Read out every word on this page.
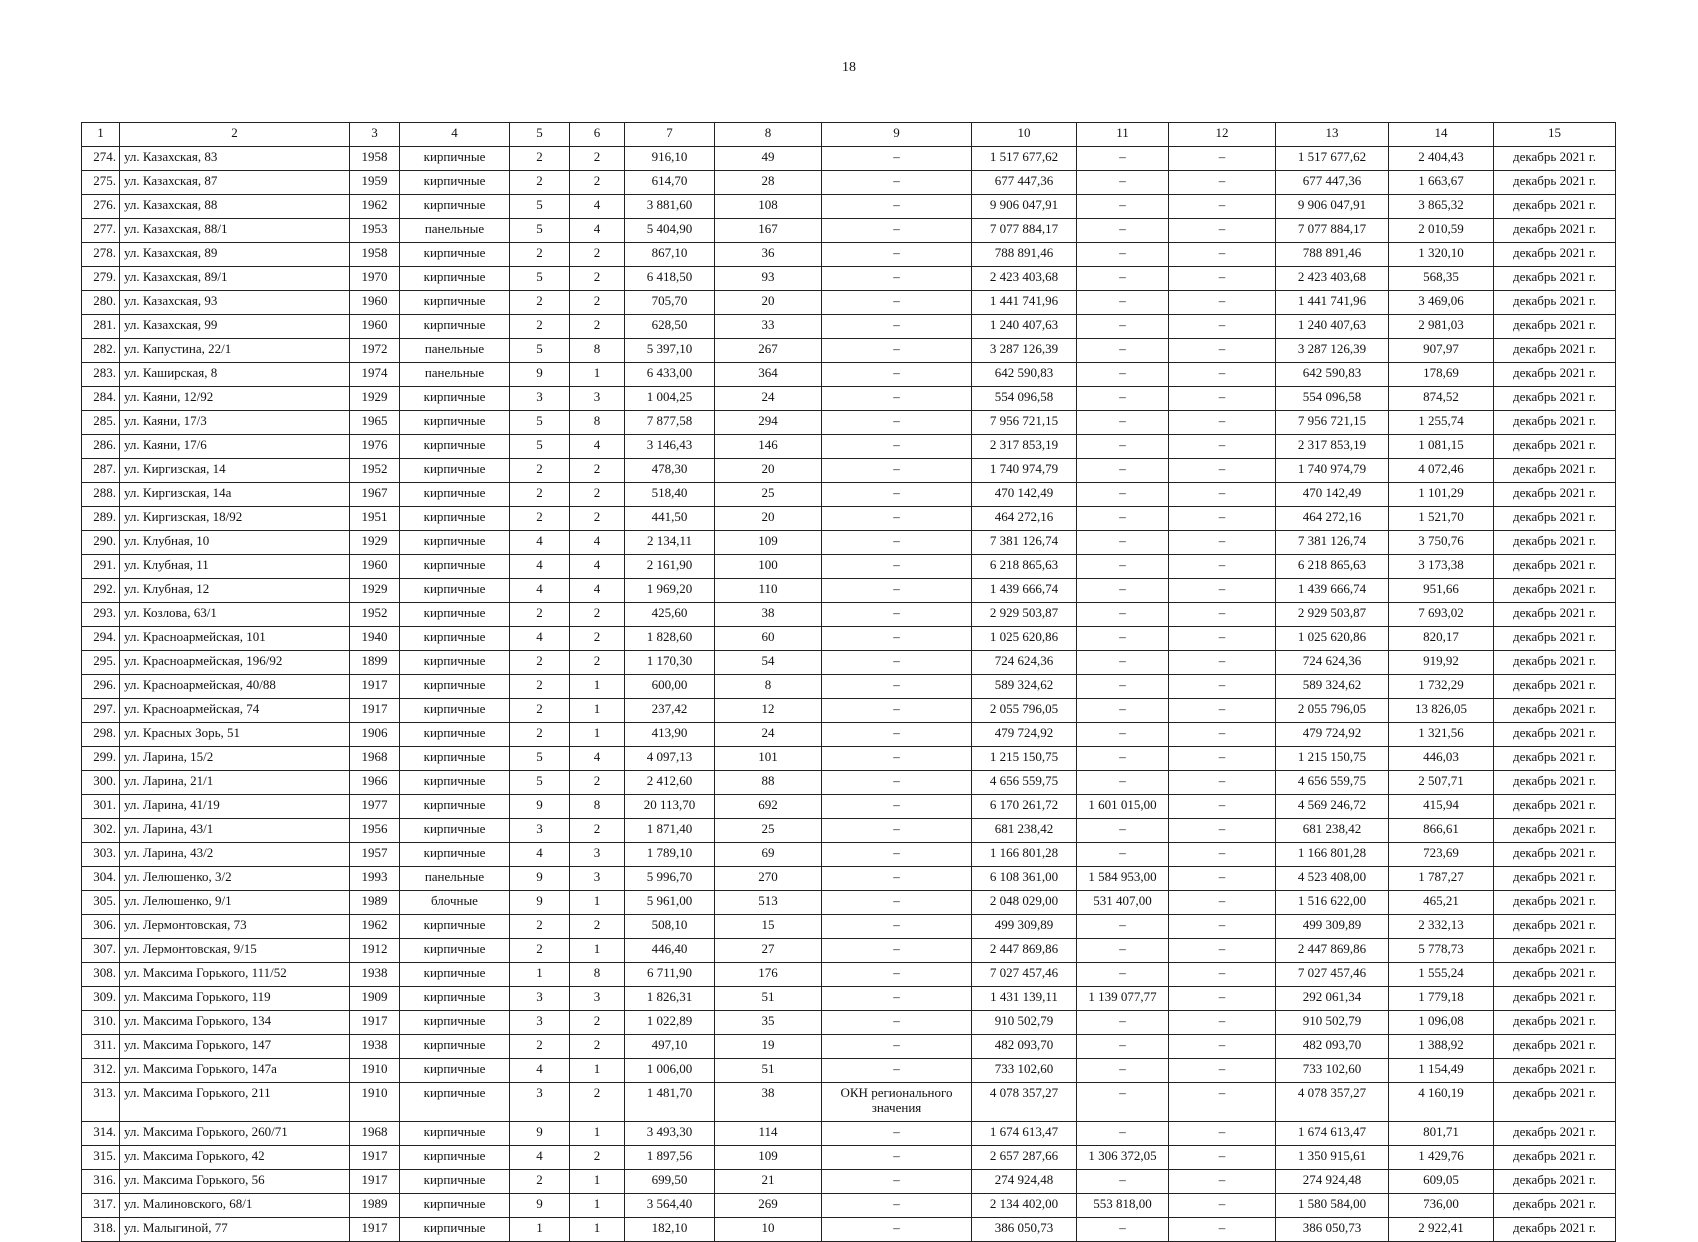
18
1	2	3	4	5	6	7	8	9	10	11	12	13	14	15
274.	ул. Казахская, 83	1958	кирпичные	2	2	916,10	49	–	1 517 677,62	–	–	1 517 677,62	2 404,43	декабрь 2021 г.
275.	ул. Казахская, 87	1959	кирпичные	2	2	614,70	28	–	677 447,36	–	–	677 447,36	1 663,67	декабрь 2021 г.
276.	ул. Казахская, 88	1962	кирпичные	5	4	3 881,60	108	–	9 906 047,91	–	–	9 906 047,91	3 865,32	декабрь 2021 г.
277.	ул. Казахская, 88/1	1953	панельные	5	4	5 404,90	167	–	7 077 884,17	–	–	7 077 884,17	2 010,59	декабрь 2021 г.
278.	ул. Казахская, 89	1958	кирпичные	2	2	867,10	36	–	788 891,46	–	–	788 891,46	1 320,10	декабрь 2021 г.
279.	ул. Казахская, 89/1	1970	кирпичные	5	2	6 418,50	93	–	2 423 403,68	–	–	2 423 403,68	568,35	декабрь 2021 г.
280.	ул. Казахская, 93	1960	кирпичные	2	2	705,70	20	–	1 441 741,96	–	–	1 441 741,96	3 469,06	декабрь 2021 г.
281.	ул. Казахская, 99	1960	кирпичные	2	2	628,50	33	–	1 240 407,63	–	–	1 240 407,63	2 981,03	декабрь 2021 г.
282.	ул. Капустина, 22/1	1972	панельные	5	8	5 397,10	267	–	3 287 126,39	–	–	3 287 126,39	907,97	декабрь 2021 г.
283.	ул. Каширская, 8	1974	панельные	9	1	6 433,00	364	–	642 590,83	–	–	642 590,83	178,69	декабрь 2021 г.
284.	ул. Каяни, 12/92	1929	кирпичные	3	3	1 004,25	24	–	554 096,58	–	–	554 096,58	874,52	декабрь 2021 г.
285.	ул. Каяни, 17/3	1965	кирпичные	5	8	7 877,58	294	–	7 956 721,15	–	–	7 956 721,15	1 255,74	декабрь 2021 г.
286.	ул. Каяни, 17/6	1976	кирпичные	5	4	3 146,43	146	–	2 317 853,19	–	–	2 317 853,19	1 081,15	декабрь 2021 г.
287.	ул. Киргизская, 14	1952	кирпичные	2	2	478,30	20	–	1 740 974,79	–	–	1 740 974,79	4 072,46	декабрь 2021 г.
288.	ул. Киргизская, 14а	1967	кирпичные	2	2	518,40	25	–	470 142,49	–	–	470 142,49	1 101,29	декабрь 2021 г.
289.	ул. Киргизская, 18/92	1951	кирпичные	2	2	441,50	20	–	464 272,16	–	–	464 272,16	1 521,70	декабрь 2021 г.
290.	ул. Клубная, 10	1929	кирпичные	4	4	2 134,11	109	–	7 381 126,74	–	–	7 381 126,74	3 750,76	декабрь 2021 г.
291.	ул. Клубная, 11	1960	кирпичные	4	4	2 161,90	100	–	6 218 865,63	–	–	6 218 865,63	3 173,38	декабрь 2021 г.
292.	ул. Клубная, 12	1929	кирпичные	4	4	1 969,20	110	–	1 439 666,74	–	–	1 439 666,74	951,66	декабрь 2021 г.
293.	ул. Козлова, 63/1	1952	кирпичные	2	2	425,60	38	–	2 929 503,87	–	–	2 929 503,87	7 693,02	декабрь 2021 г.
294.	ул. Красноармейская, 101	1940	кирпичные	4	2	1 828,60	60	–	1 025 620,86	–	–	1 025 620,86	820,17	декабрь 2021 г.
295.	ул. Красноармейская, 196/92	1899	кирпичные	2	2	1 170,30	54	–	724 624,36	–	–	724 624,36	919,92	декабрь 2021 г.
296.	ул. Красноармейская, 40/88	1917	кирпичные	2	1	600,00	8	–	589 324,62	–	–	589 324,62	1 732,29	декабрь 2021 г.
297.	ул. Красноармейская, 74	1917	кирпичные	2	1	237,42	12	–	2 055 796,05	–	–	2 055 796,05	13 826,05	декабрь 2021 г.
298.	ул. Красных Зорь, 51	1906	кирпичные	2	1	413,90	24	–	479 724,92	–	–	479 724,92	1 321,56	декабрь 2021 г.
299.	ул. Ларина, 15/2	1968	кирпичные	5	4	4 097,13	101	–	1 215 150,75	–	–	1 215 150,75	446,03	декабрь 2021 г.
300.	ул. Ларина, 21/1	1966	кирпичные	5	2	2 412,60	88	–	4 656 559,75	–	–	4 656 559,75	2 507,71	декабрь 2021 г.
301.	ул. Ларина, 41/19	1977	кирпичные	9	8	20 113,70	692	–	6 170 261,72	1 601 015,00	–	4 569 246,72	415,94	декабрь 2021 г.
302.	ул. Ларина, 43/1	1956	кирпичные	3	2	1 871,40	25	–	681 238,42	–	–	681 238,42	866,61	декабрь 2021 г.
303.	ул. Ларина, 43/2	1957	кирпичные	4	3	1 789,10	69	–	1 166 801,28	–	–	1 166 801,28	723,69	декабрь 2021 г.
304.	ул. Лелюшенко, 3/2	1993	панельные	9	3	5 996,70	270	–	6 108 361,00	1 584 953,00	–	4 523 408,00	1 787,27	декабрь 2021 г.
305.	ул. Лелюшенко, 9/1	1989	блочные	9	1	5 961,00	513	–	2 048 029,00	531 407,00	–	1 516 622,00	465,21	декабрь 2021 г.
306.	ул. Лермонтовская, 73	1962	кирпичные	2	2	508,10	15	–	499 309,89	–	–	499 309,89	2 332,13	декабрь 2021 г.
307.	ул. Лермонтовская, 9/15	1912	кирпичные	2	1	446,40	27	–	2 447 869,86	–	–	2 447 869,86	5 778,73	декабрь 2021 г.
308.	ул. Максима Горького, 111/52	1938	кирпичные	1	8	6 711,90	176	–	7 027 457,46	–	–	7 027 457,46	1 555,24	декабрь 2021 г.
309.	ул. Максима Горького, 119	1909	кирпичные	3	3	1 826,31	51	–	1 431 139,11	1 139 077,77	–	292 061,34	1 779,18	декабрь 2021 г.
310.	ул. Максима Горького, 134	1917	кирпичные	3	2	1 022,89	35	–	910 502,79	–	–	910 502,79	1 096,08	декабрь 2021 г.
311.	ул. Максима Горького, 147	1938	кирпичные	2	2	497,10	19	–	482 093,70	–	–	482 093,70	1 388,92	декабрь 2021 г.
312.	ул. Максима Горького, 147а	1910	кирпичные	4	1	1 006,00	51	–	733 102,60	–	–	733 102,60	1 154,49	декабрь 2021 г.
313.	ул. Максима Горького, 211	1910	кирпичные	3	2	1 481,70	38	ОКН регионального значения	4 078 357,27	–	–	4 078 357,27	4 160,19	декабрь 2021 г.
314.	ул. Максима Горького, 260/71	1968	кирпичные	9	1	3 493,30	114	–	1 674 613,47	–	–	1 674 613,47	801,71	декабрь 2021 г.
315.	ул. Максима Горького, 42	1917	кирпичные	4	2	1 897,56	109	–	2 657 287,66	1 306 372,05	–	1 350 915,61	1 429,76	декабрь 2021 г.
316.	ул. Максима Горького, 56	1917	кирпичные	2	1	699,50	21	–	274 924,48	–	–	274 924,48	609,05	декабрь 2021 г.
317.	ул. Малиновского, 68/1	1989	кирпичные	9	1	3 564,40	269	–	2 134 402,00	553 818,00	–	1 580 584,00	736,00	декабрь 2021 г.
318.	ул. Малыгиной, 77	1917	кирпичные	1	1	182,10	10	–	386 050,73	–	–	386 050,73	2 922,41	декабрь 2021 г.
